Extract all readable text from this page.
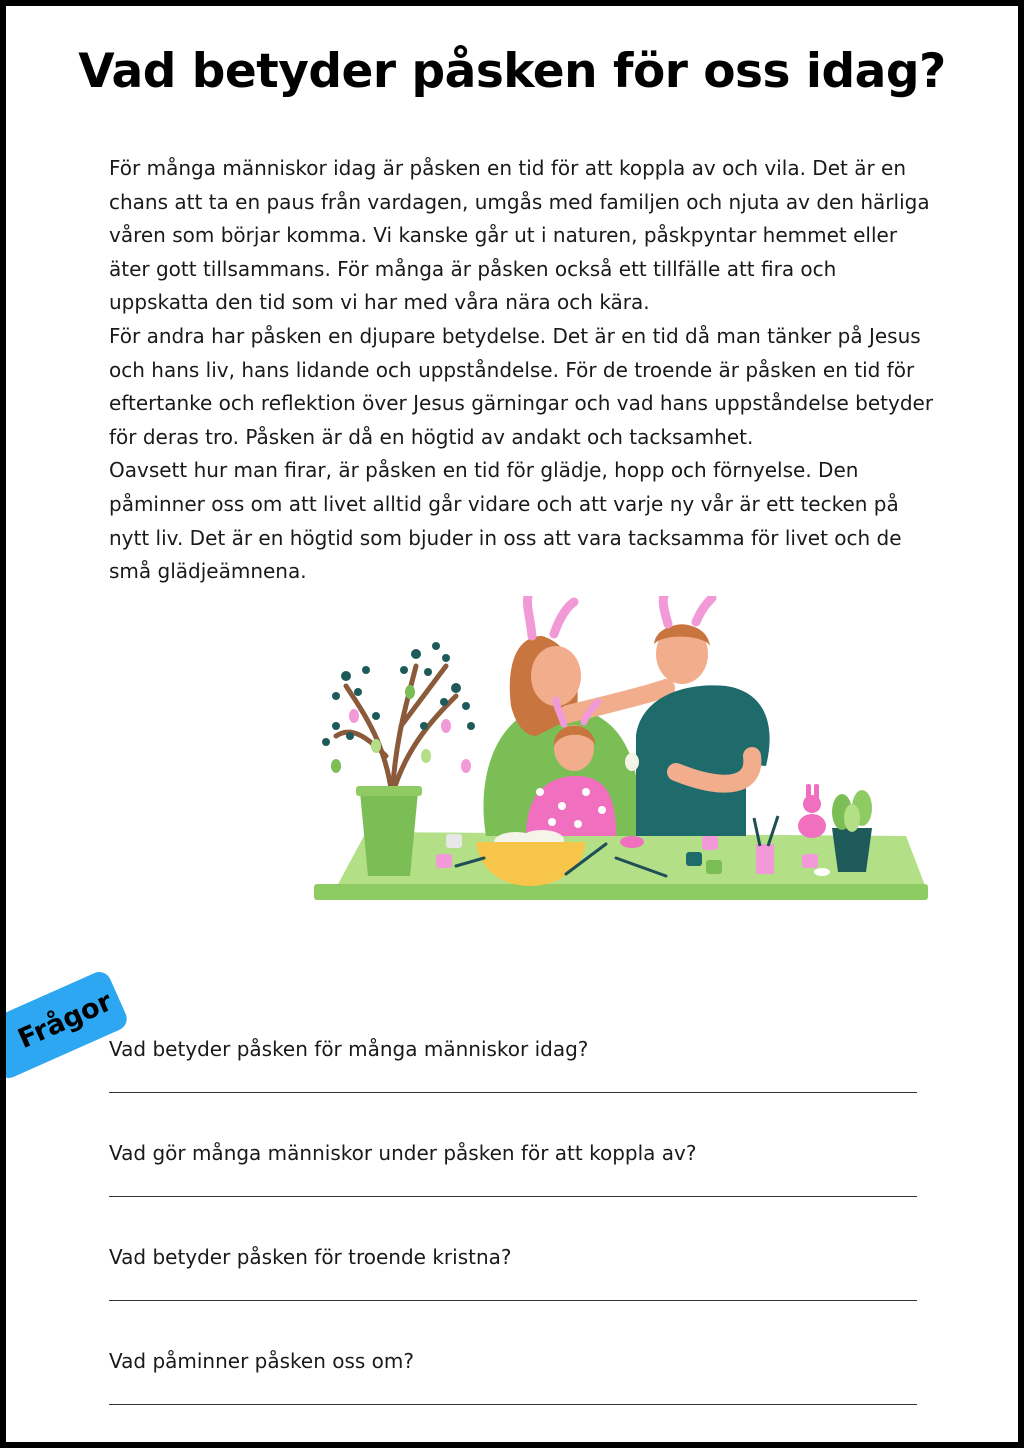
Vad betyder påsken för oss idag?

För många människor idag är påsken en tid för att koppla av och vila. Det är en chans att ta en paus från vardagen, umgås med familjen och njuta av den härliga våren som börjar komma. Vi kanske går ut i naturen, påskpyntar hemmet eller äter gott tillsammans. För många är påsken också ett tillfälle att fira och uppskatta den tid som vi har med våra nära och kära.

För andra har påsken en djupare betydelse. Det är en tid då man tänker på Jesus och hans liv, hans lidande och uppståndelse. För de troende är påsken en tid för eftertanke och reflektion över Jesus gärningar och vad hans uppståndelse betyder för deras tro. Påsken är då en högtid av andakt och tacksamhet.

Oavsett hur man firar, är påsken en tid för glädje, hopp och förnyelse. Den påminner oss om att livet alltid går vidare och att varje ny vår är ett tecken på nytt liv. Det är en högtid som bjuder in oss att vara tacksamma för livet och de små glädjeämnena.

Frågor
Vad betyder påsken för många människor idag?
Vad gör många människor under påsken för att koppla av?
Vad betyder påsken för troende kristna?
Vad påminner påsken oss om?
